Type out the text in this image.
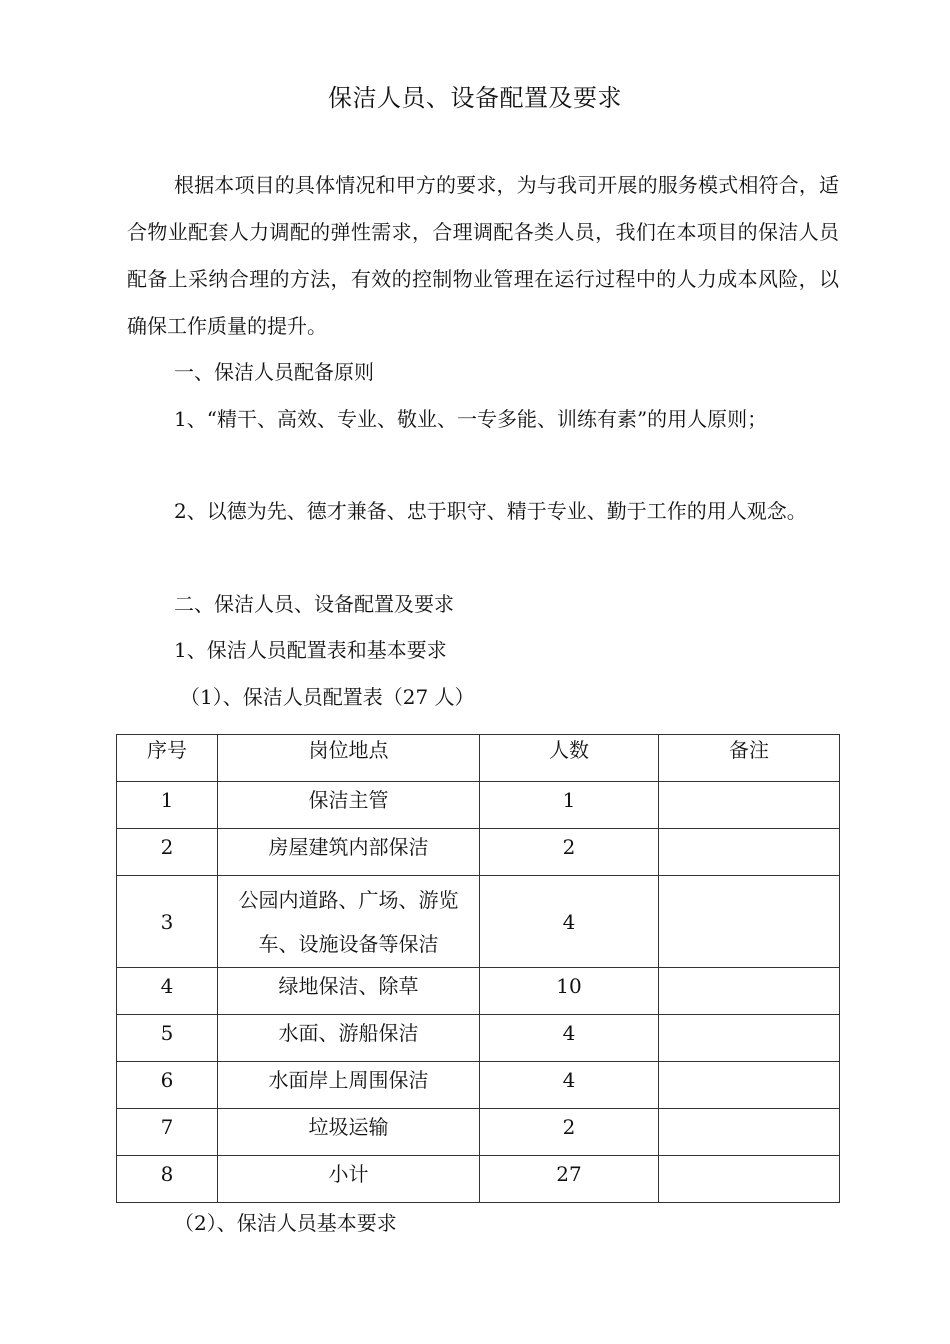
保洁人员、设备配置及要求
根据本项目的具体情况和甲方的要求，为与我司开展的服务模式相符合，适合物业配套人力调配的弹性需求，合理调配各类人员，我们在本项目的保洁人员配备上采纳合理的方法，有效的控制物业管理在运行过程中的人力成本风险，以确保工作质量的提升。
一、保洁人员配备原则
1、“精干、高效、专业、敬业、一专多能、训练有素”的用人原则；
2、以德为先、德才兼备、忠于职守、精于专业、勤于工作的用人观念。
二、保洁人员、设备配置及要求
1、保洁人员配置表和基本要求
（1）、保洁人员配置表（27 人）
序号	岗位地点	人数	备注

1	保洁主管	1	

2	房屋建筑内部保洁	2	

3	公园内道路、广场、游览车、设施设备等保洁	4	

4	绿地保洁、除草	10	

5	水面、游船保洁	4	

6	水面岸上周围保洁	4	

7	垃圾运输	2	

8	小计	27	

（2）、保洁人员基本要求
